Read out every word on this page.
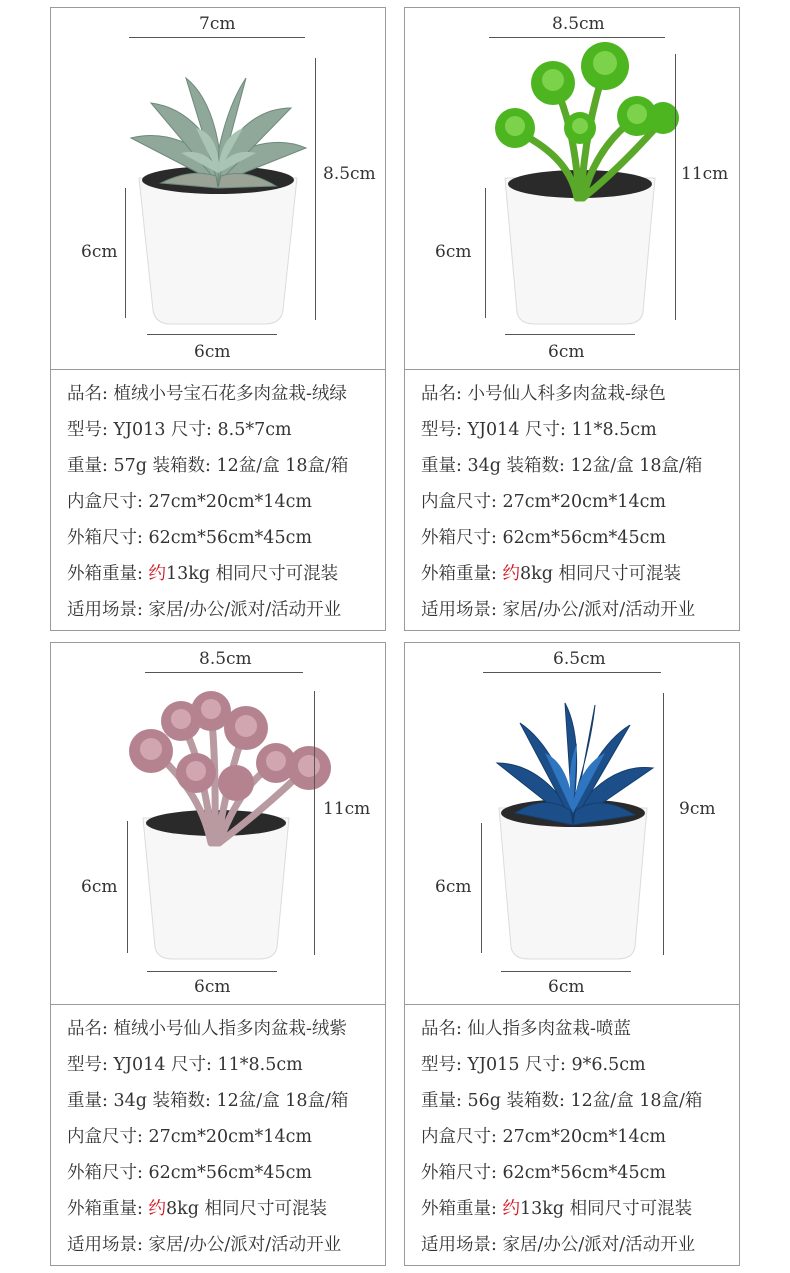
7cm
8.5cm
6cm
6cm
品名: 植绒小号宝石花多肉盆栽-绒绿
型号: YJ013 尺寸: 8.5*7cm
重量: 57g 装箱数: 12盆/盒 18盒/箱
内盒尺寸: 27cm*20cm*14cm
外箱尺寸: 62cm*56cm*45cm
外箱重量: 约13kg 相同尺寸可混装
适用场景: 家居/办公/派对/活动开业
8.5cm
11cm
6cm
6cm
品名: 小号仙人科多肉盆栽-绿色
型号: YJ014 尺寸: 11*8.5cm
重量: 34g 装箱数: 12盆/盒 18盒/箱
内盒尺寸: 27cm*20cm*14cm
外箱尺寸: 62cm*56cm*45cm
外箱重量: 约8kg 相同尺寸可混装
适用场景: 家居/办公/派对/活动开业
8.5cm
11cm
6cm
6cm
品名: 植绒小号仙人指多肉盆栽-绒紫
型号: YJ014 尺寸: 11*8.5cm
重量: 34g 装箱数: 12盆/盒 18盒/箱
内盒尺寸: 27cm*20cm*14cm
外箱尺寸: 62cm*56cm*45cm
外箱重量: 约8kg 相同尺寸可混装
适用场景: 家居/办公/派对/活动开业
6.5cm
9cm
6cm
6cm
品名: 仙人指多肉盆栽-喷蓝
型号: YJ015 尺寸: 9*6.5cm
重量: 56g 装箱数: 12盆/盒 18盒/箱
内盒尺寸: 27cm*20cm*14cm
外箱尺寸: 62cm*56cm*45cm
外箱重量: 约13kg 相同尺寸可混装
适用场景: 家居/办公/派对/活动开业
